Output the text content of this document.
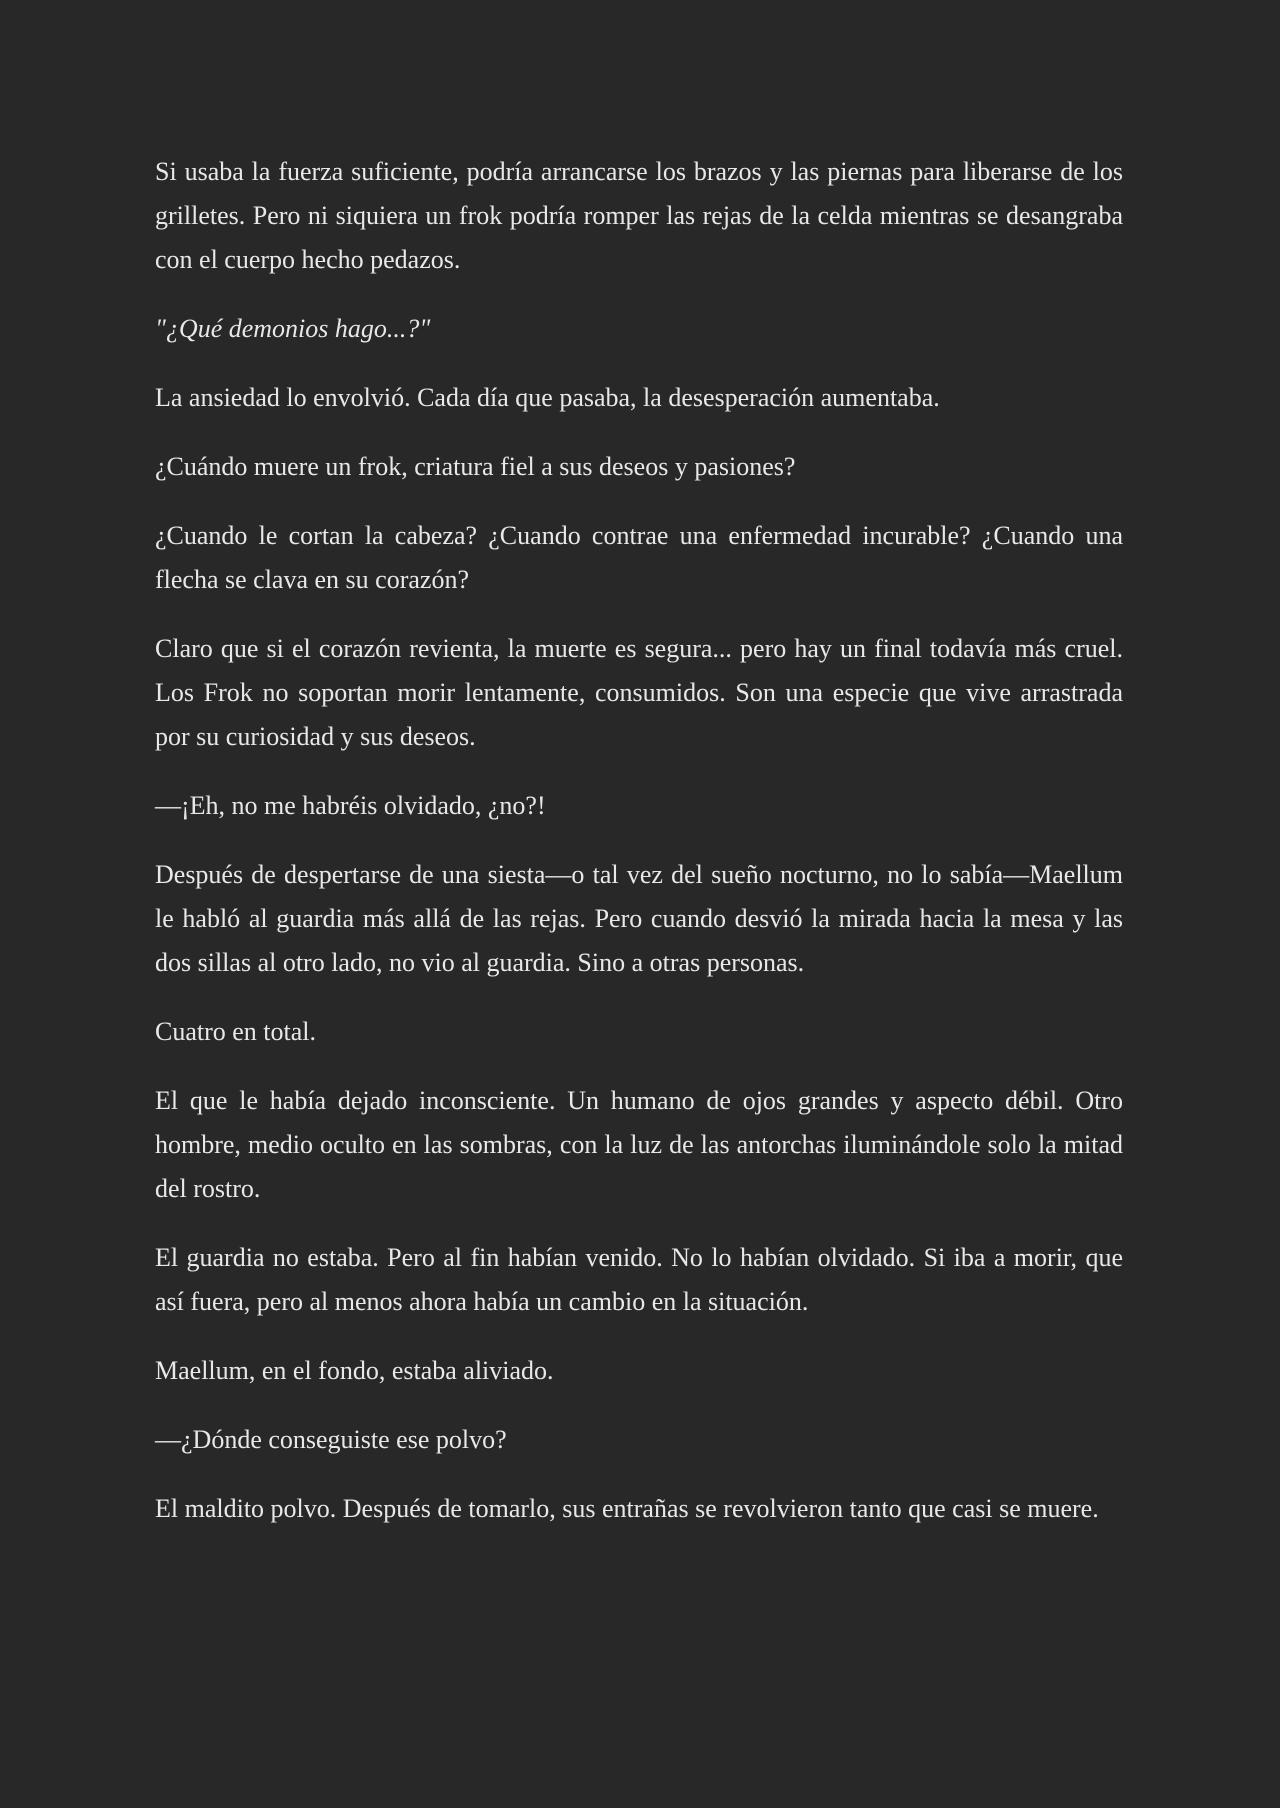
Si usaba la fuerza suficiente, podría arrancarse los brazos y las piernas para liberarse de los grilletes. Pero ni siquiera un frok podría romper las rejas de la celda mientras se desangraba con el cuerpo hecho pedazos.

"¿Qué demonios hago...?"

La ansiedad lo envolvió. Cada día que pasaba, la desesperación aumentaba.

¿Cuándo muere un frok, criatura fiel a sus deseos y pasiones?

¿Cuando le cortan la cabeza? ¿Cuando contrae una enfermedad incurable? ¿Cuando una flecha se clava en su corazón?

Claro que si el corazón revienta, la muerte es segura... pero hay un final todavía más cruel. Los Frok no soportan morir lentamente, consumidos. Son una especie que vive arrastrada por su curiosidad y sus deseos.

—¡Eh, no me habréis olvidado, ¿no?!

Después de despertarse de una siesta—o tal vez del sueño nocturno, no lo sabía—Maellum le habló al guardia más allá de las rejas. Pero cuando desvió la mirada hacia la mesa y las dos sillas al otro lado, no vio al guardia. Sino a otras personas.

Cuatro en total.

El que le había dejado inconsciente. Un humano de ojos grandes y aspecto débil. Otro hombre, medio oculto en las sombras, con la luz de las antorchas iluminándole solo la mitad del rostro.

El guardia no estaba. Pero al fin habían venido. No lo habían olvidado. Si iba a morir, que así fuera, pero al menos ahora había un cambio en la situación.

Maellum, en el fondo, estaba aliviado.

—¿Dónde conseguiste ese polvo?

El maldito polvo. Después de tomarlo, sus entrañas se revolvieron tanto que casi se muere.
